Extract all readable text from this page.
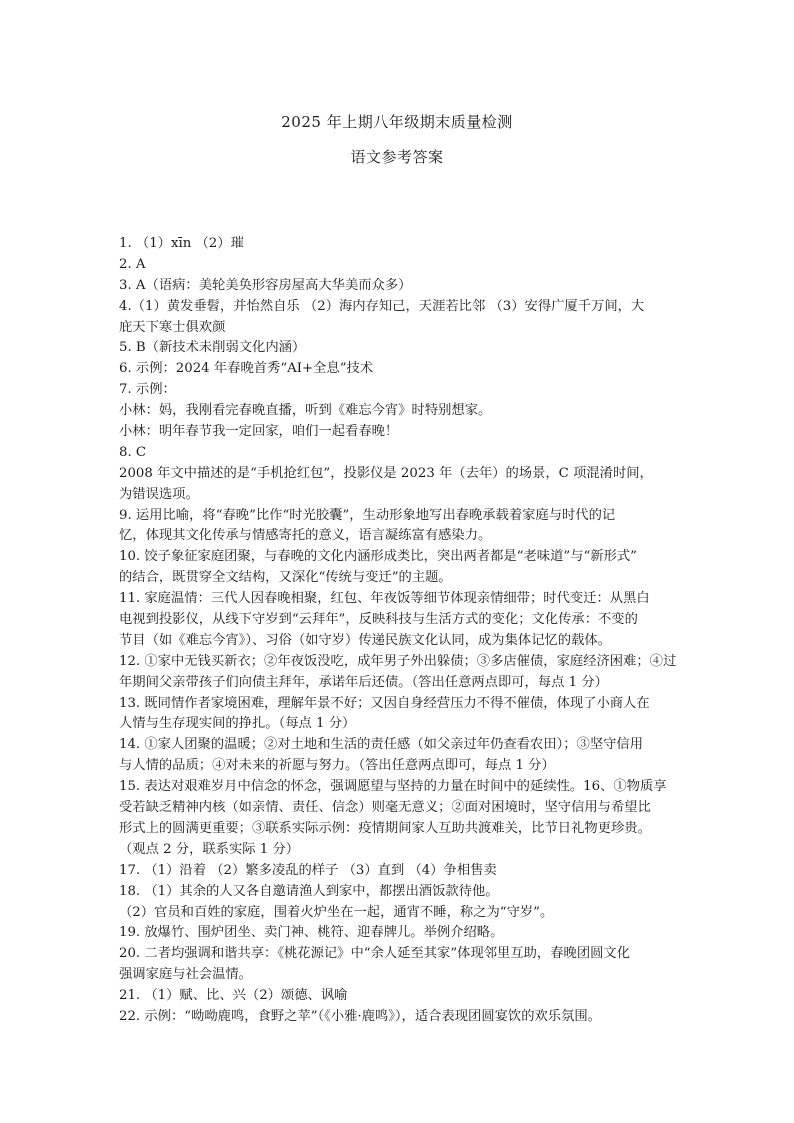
2025 年上期八年级期末质量检测
语文参考答案
1. （1）xīn （2）璀
2. A
3. A（语病：美轮美奂形容房屋高大华美而众多）
4.（1）黄发垂髫，并怡然自乐 （2）海内存知己，天涯若比邻 （3）安得广厦千万间，大
庇天下寒士俱欢颜
5. B（新技术未削弱文化内涵）
6. 示例：2024 年春晚首秀“AI+全息”技术
7. 示例：
小林：妈，我刚看完春晚直播，听到《难忘今宵》时特别想家。
小林：明年春节我一定回家，咱们一起看春晚！
8. C
2008 年文中描述的是“手机抢红包”，投影仪是 2023 年（去年）的场景，C 项混淆时间，
为错误选项。
9. 运用比喻，将“春晚”比作“时光胶囊”，生动形象地写出春晚承载着家庭与时代的记
忆，体现其文化传承与情感寄托的意义，语言凝练富有感染力。
10. 饺子象征家庭团聚，与春晚的文化内涵形成类比，突出两者都是“老味道”与“新形式”
的结合，既贯穿全文结构，又深化“传统与变迁”的主题。
11. 家庭温情：三代人因春晚相聚，红包、年夜饭等细节体现亲情细带；时代变迁：从黑白
电视到投影仪，从线下守岁到“云拜年”，反映科技与生活方式的变化；文化传承：不变的
节目（如《难忘今宵》）、习俗（如守岁）传递民族文化认同，成为集体记忆的载体。
12. ①家中无钱买新衣；②年夜饭没吃，成年男子外出躲债；③多店催债，家庭经济困难；④过
年期间父亲带孩子们向债主拜年，承诺年后还债。（答出任意两点即可，每点 1 分）
13. 既同情作者家境困难，理解年景不好；又因自身经营压力不得不催债，体现了小商人在
人情与生存现实间的挣扎。（每点 1 分）
14. ①家人团聚的温暖；②对土地和生活的责任感（如父亲过年仍查看农田）；③坚守信用
与人情的品质；④对未来的祈愿与努力。（答出任意两点即可，每点 1 分）
15. 表达对艰难岁月中信念的怀念，强调愿望与坚持的力量在时间中的延续性。16、①物质享
受若缺乏精神内核（如亲情、责任、信念）则毫无意义；②面对困境时，坚守信用与希望比
形式上的圆满更重要；③联系实际示例：疫情期间家人互助共渡难关，比节日礼物更珍贵。
（观点 2 分，联系实际 1 分）
17. （1）沿着 （2）繁多凌乱的样子 （3）直到 （4）争相售卖
18. （1）其余的人又各自邀请渔人到家中，都摆出酒饭款待他。
（2）官员和百姓的家庭，围着火炉坐在一起，通宵不睡，称之为“守岁”。
19. 放爆竹、围炉团坐、卖门神、桃符、迎春牌儿。举例介绍略。
20. 二者均强调和谐共享：《桃花源记》中“余人延至其家”体现邻里互助，春晚团圆文化
强调家庭与社会温情。
21. （1）赋、比、兴（2）颂德、讽喻
22. 示例：“呦呦鹿鸣，食野之苹”（《小雅·鹿鸣》），适合表现团圆宴饮的欢乐氛围。
